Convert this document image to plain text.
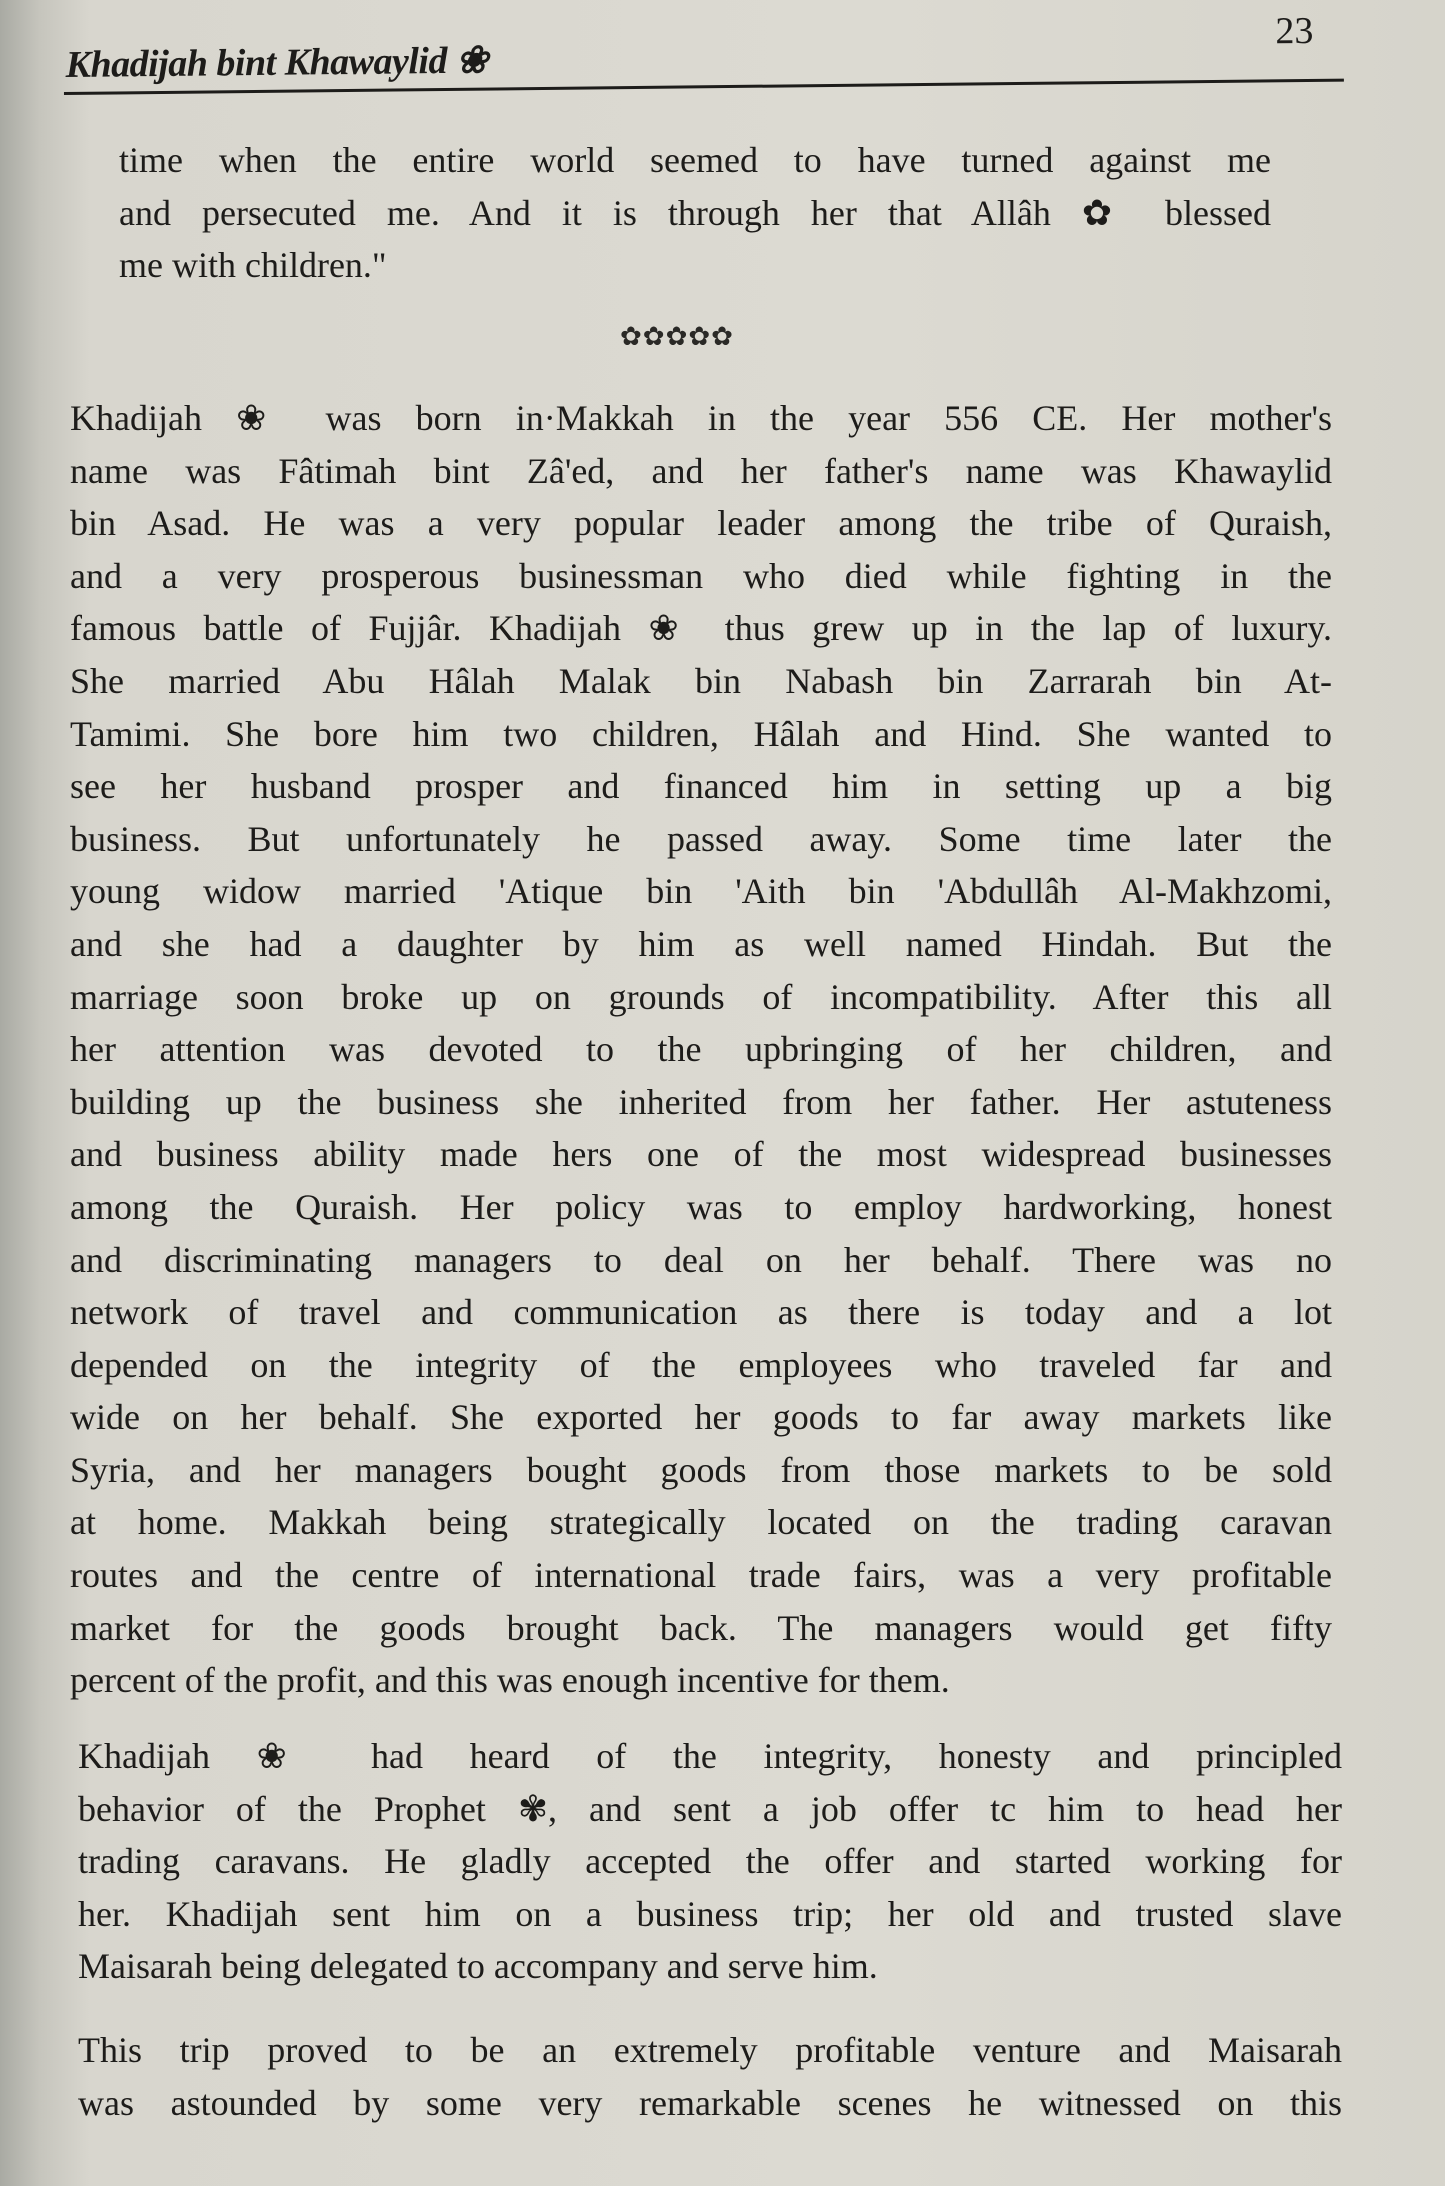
Khadijah bint Khawaylid ❀
23
time when the entire world seemed to have turned against me
and persecuted me. And it is through her that Allâh ✿ blessed
me with children."
✿✿✿✿✿
Khadijah ❀ was born in·Makkah in the year 556 CE. Her mother's
name was Fâtimah bint Zâ'ed, and her father's name was Khawaylid
bin Asad. He was a very popular leader among the tribe of Quraish,
and a very prosperous businessman who died while fighting in the
famous battle of Fujjâr. Khadijah ❀ thus grew up in the lap of luxury.
She married Abu Hâlah Malak bin Nabash bin Zarrarah bin At-
Tamimi. She bore him two children, Hâlah and Hind. She wanted to
see her husband prosper and financed him in setting up a big
business. But unfortunately he passed away. Some time later the
young widow married 'Atique bin 'Aith bin 'Abdullâh Al-Makhzomi,
and she had a daughter by him as well named Hindah. But the
marriage soon broke up on grounds of incompatibility. After this all
her attention was devoted to the upbringing of her children, and
building up the business she inherited from her father. Her astuteness
and business ability made hers one of the most widespread businesses
among the Quraish. Her policy was to employ hardworking, honest
and discriminating managers to deal on her behalf. There was no
network of travel and communication as there is today and a lot
depended on the integrity of the employees who traveled far and
wide on her behalf. She exported her goods to far away markets like
Syria, and her managers bought goods from those markets to be sold
at home. Makkah being strategically located on the trading caravan
routes and the centre of international trade fairs, was a very profitable
market for the goods brought back. The managers would get fifty
percent of the profit, and this was enough incentive for them.
Khadijah ❀ had heard of the integrity, honesty and principled
behavior of the Prophet ✾, and sent a job offer tc him to head her
trading caravans. He gladly accepted the offer and started working for
her. Khadijah sent him on a business trip; her old and trusted slave
Maisarah being delegated to accompany and serve him.
This trip proved to be an extremely profitable venture and Maisarah
was astounded by some very remarkable scenes he witnessed on this
